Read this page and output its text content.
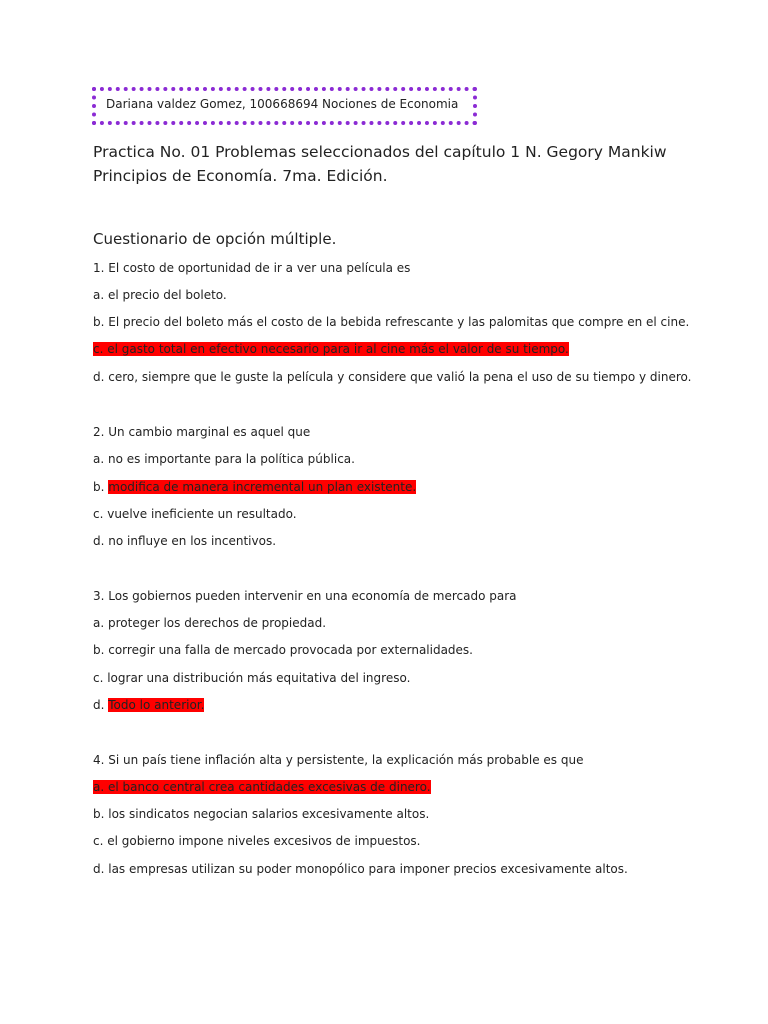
Dariana valdez Gomez, 100668694 Nociones de Economia
Practica No. 01 Problemas seleccionados del capítulo 1 N. Gegory Mankiw Principios de Economía. 7ma. Edición.
Cuestionario de opción múltiple.
1. El costo de oportunidad de ir a ver una película es
a. el precio del boleto.
b. El precio del boleto más el costo de la bebida refrescante y las palomitas que compre en el cine.
c. el gasto total en efectivo necesario para ir al cine más el valor de su tiempo.
d. cero, siempre que le guste la película y considere que valió la pena el uso de su tiempo y dinero.
2. Un cambio marginal es aquel que
a. no es importante para la política pública.
b. modifica de manera incremental un plan existente.
c. vuelve ineficiente un resultado.
d. no influye en los incentivos.
3. Los gobiernos pueden intervenir en una economía de mercado para
a. proteger los derechos de propiedad.
b. corregir una falla de mercado provocada por externalidades.
c. lograr una distribución más equitativa del ingreso.
d. Todo lo anterior.
4. Si un país tiene inflación alta y persistente, la explicación más probable es que
a. el banco central crea cantidades excesivas de dinero.
b. los sindicatos negocian salarios excesivamente altos.
c. el gobierno impone niveles excesivos de impuestos.
d. las empresas utilizan su poder monopólico para imponer precios excesivamente altos.
